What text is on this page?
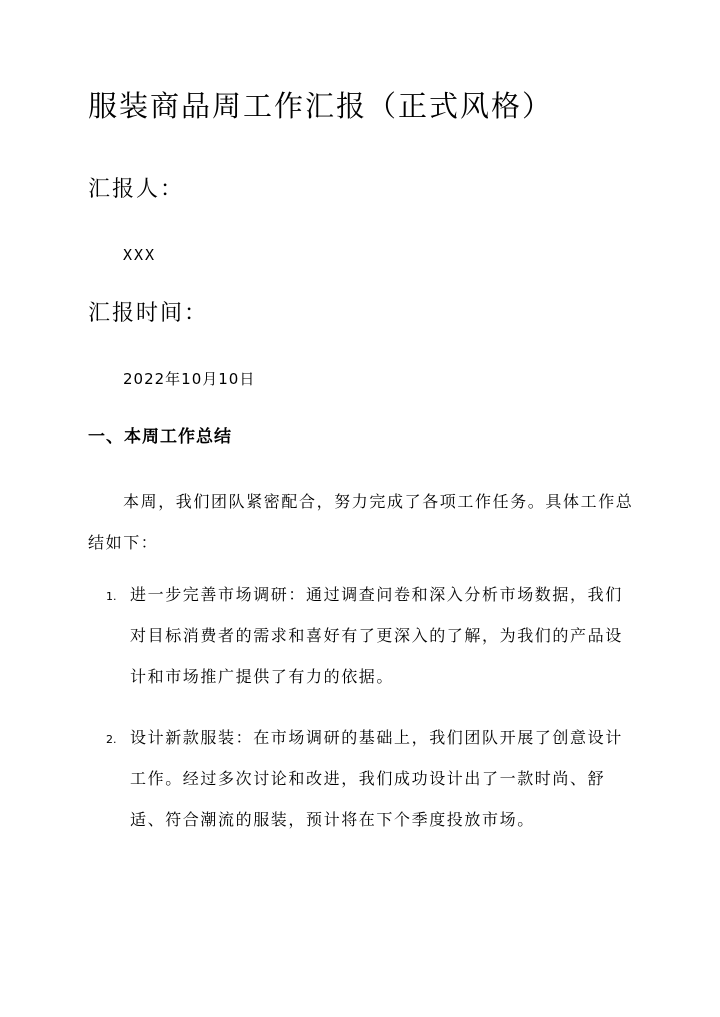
服装商品周工作汇报（正式风格）
汇报人：
XXX
汇报时间：
2022年10月10日
一、本周工作总结
本周，我们团队紧密配合，努力完成了各项工作任务。具体工作总结如下：
1. 进一步完善市场调研：通过调查问卷和深入分析市场数据，我们对目标消费者的需求和喜好有了更深入的了解，为我们的产品设计和市场推广提供了有力的依据。
2. 设计新款服装：在市场调研的基础上，我们团队开展了创意设计工作。经过多次讨论和改进，我们成功设计出了一款时尚、舒适、符合潮流的服装，预计将在下个季度投放市场。
